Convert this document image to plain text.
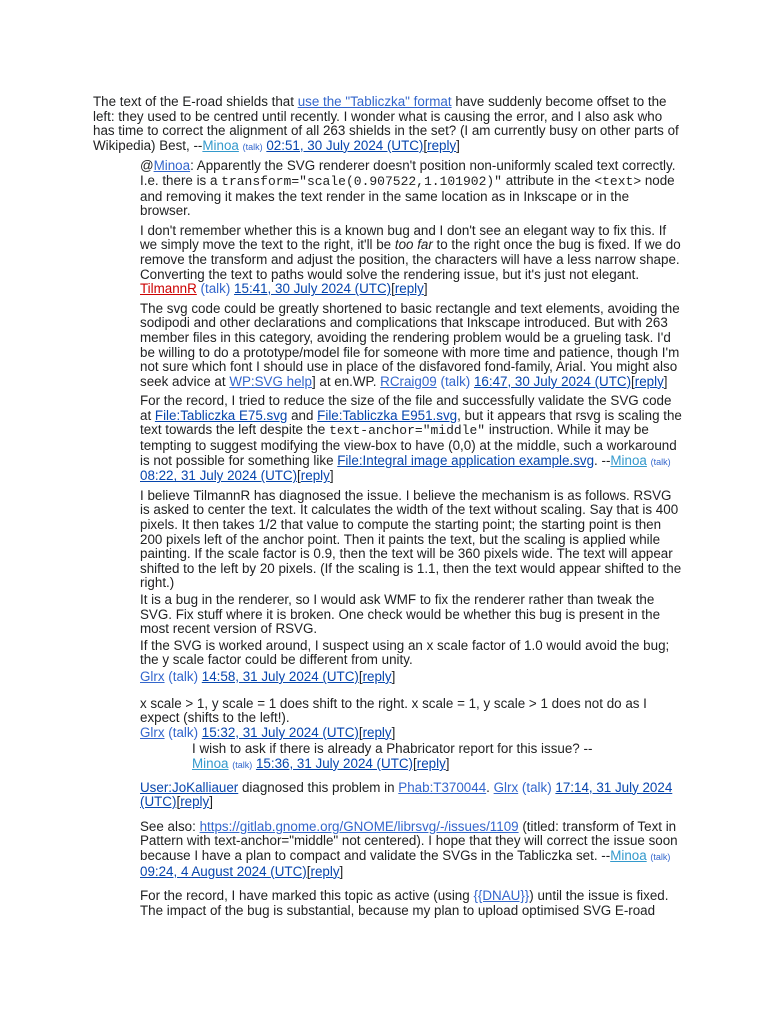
The text of the E-road shields that use the "Tabliczka" format have suddenly become offset to the left: they used to be centred until recently. I wonder what is causing the error, and I also ask who has time to correct the alignment of all 263 shields in the set? (I am currently busy on other parts of Wikipedia) Best, --Minoa (talk) 02:51, 30 July 2024 (UTC)[reply]

@Minoa: Apparently the SVG renderer doesn't position non-uniformly scaled text correctly. I.e. there is a transform="scale(0.907522,1.101902)" attribute in the <text> node and removing it makes the text render in the same location as in Inkscape or in the browser.

I don't remember whether this is a known bug and I don't see an elegant way to fix this. If we simply move the text to the right, it'll be too far to the right once the bug is fixed. If we do remove the transform and adjust the position, the characters will have a less narrow shape. Converting the text to paths would solve the rendering issue, but it's just not elegant. TilmannR (talk) 15:41, 30 July 2024 (UTC)[reply]

The svg code could be greatly shortened to basic rectangle and text elements, avoiding the sodipodi and other declarations and complications that Inkscape introduced. But with 263 member files in this category, avoiding the rendering problem would be a grueling task. I'd be willing to do a prototype/model file for someone with more time and patience, though I'm not sure which font I should use in place of the disfavored fond-family, Arial. You might also seek advice at WP:SVG help] at en.WP. RCraig09 (talk) 16:47, 30 July 2024 (UTC)[reply]

For the record, I tried to reduce the size of the file and successfully validate the SVG code at File:Tabliczka E75.svg and File:Tabliczka E951.svg, but it appears that rsvg is scaling the text towards the left despite the text-anchor="middle" instruction. While it may be tempting to suggest modifying the view-box to have (0,0) at the middle, such a workaround is not possible for something like File:Integral image application example.svg. --Minoa (talk) 08:22, 31 July 2024 (UTC)[reply]

I believe TilmannR has diagnosed the issue. I believe the mechanism is as follows. RSVG is asked to center the text. It calculates the width of the text without scaling. Say that is 400 pixels. It then takes 1/2 that value to compute the starting point; the starting point is then 200 pixels left of the anchor point. Then it paints the text, but the scaling is applied while painting. If the scale factor is 0.9, then the text will be 360 pixels wide. The text will appear shifted to the left by 20 pixels. (If the scaling is 1.1, then the text would appear shifted to the right.)

It is a bug in the renderer, so I would ask WMF to fix the renderer rather than tweak the SVG. Fix stuff where it is broken. One check would be whether this bug is present in the most recent version of RSVG.

If the SVG is worked around, I suspect using an x scale factor of 1.0 would avoid the bug; the y scale factor could be different from unity.

Glrx (talk) 14:58, 31 July 2024 (UTC)[reply]

x scale > 1, y scale = 1 does shift to the right. x scale = 1, y scale > 1 does not do as I expect (shifts to the left!).
Glrx (talk) 15:32, 31 July 2024 (UTC)[reply]

I wish to ask if there is already a Phabricator report for this issue? --
Minoa (talk) 15:36, 31 July 2024 (UTC)[reply]

User:JoKalliauer diagnosed this problem in Phab:T370044. Glrx (talk) 17:14, 31 July 2024 (UTC)[reply]

See also: https://gitlab.gnome.org/GNOME/librsvg/-/issues/1109 (titled: transform of Text in Pattern with text-anchor="middle" not centered). I hope that they will correct the issue soon because I have a plan to compact and validate the SVGs in the Tabliczka set. --Minoa (talk) 09:24, 4 August 2024 (UTC)[reply]

For the record, I have marked this topic as active (using {{DNAU}}) until the issue is fixed. The impact of the bug is substantial, because my plan to upload optimised SVG E-road
